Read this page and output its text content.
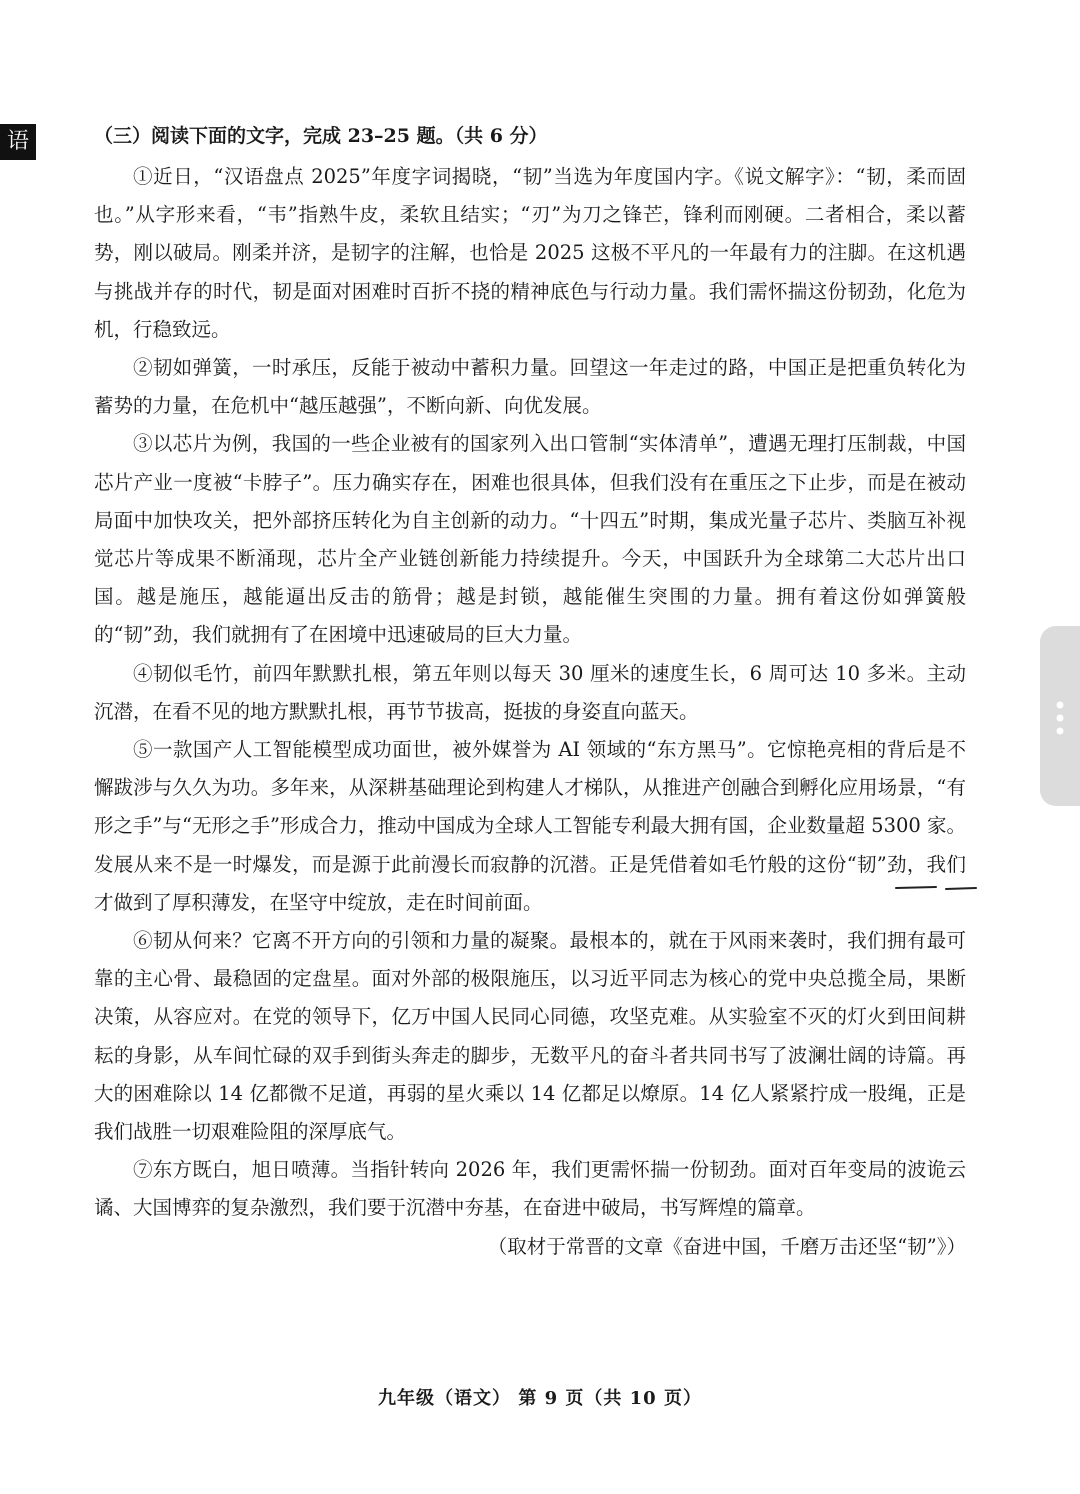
语	（三）阅读下面的文字，完成 23–25 题。（共 6 分）

①近日，“汉语盘点 2025”年度字词揭晓，“韧”当选为年度国内字。《说文解字》：“韧，柔而固也。”从字形来看，“韦”指熟牛皮，柔软且结实；“刃”为刀之锋芒，锋利而刚硬。二者相合，柔以蓄势，刚以破局。刚柔并济，是韧字的注解，也恰是 2025 这极不平凡的一年最有力的注脚。在这机遇与挑战并存的时代，韧是面对困难时百折不挠的精神底色与行动力量。我们需怀揣这份韧劲，化危为机，行稳致远。

②韧如弹簧，一时承压，反能于被动中蓄积力量。回望这一年走过的路，中国正是把重负转化为蓄势的力量，在危机中“越压越强”，不断向新、向优发展。

③以芯片为例，我国的一些企业被有的国家列入出口管制“实体清单”，遭遇无理打压制裁，中国芯片产业一度被“卡脖子”。压力确实存在，困难也很具体，但我们没有在重压之下止步，而是在被动局面中加快攻关，把外部挤压转化为自主创新的动力。“十四五”时期，集成光量子芯片、类脑互补视觉芯片等成果不断涌现，芯片全产业链创新能力持续提升。今天，中国跃升为全球第二大芯片出口国。越是施压，越能逼出反击的筋骨；越是封锁，越能催生突围的力量。拥有着这份如弹簧般的“韧”劲，我们就拥有了在困境中迅速破局的巨大力量。

④韧似毛竹，前四年默默扎根，第五年则以每天 30 厘米的速度生长，6 周可达 10 多米。主动沉潜，在看不见的地方默默扎根，再节节拔高，挺拔的身姿直向蓝天。

⑤一款国产人工智能模型成功面世，被外媒誉为 AI 领域的“东方黑马”。它惊艳亮相的背后是不懈跋涉与久久为功。多年来，从深耕基础理论到构建人才梯队，从推进产创融合到孵化应用场景，“有形之手”与“无形之手”形成合力，推动中国成为全球人工智能专利最大拥有国，企业数量超 5300 家。发展从来不是一时爆发，而是源于此前漫长而寂静的沉潜。正是凭借着如毛竹般的这份“韧”劲，我们才做到了厚积薄发，在坚守中绽放，走在时间前面。

⑥韧从何来？它离不开方向的引领和力量的凝聚。最根本的，就在于风雨来袭时，我们拥有最可靠的主心骨、最稳固的定盘星。面对外部的极限施压，以习近平同志为核心的党中央总揽全局，果断决策，从容应对。在党的领导下，亿万中国人民同心同德，攻坚克难。从实验室不灭的灯火到田间耕耘的身影，从车间忙碌的双手到街头奔走的脚步，无数平凡的奋斗者共同书写了波澜壮阔的诗篇。再大的困难除以 14 亿都微不足道，再弱的星火乘以 14 亿都足以燎原。14 亿人紧紧拧成一股绳，正是我们战胜一切艰难险阻的深厚底气。

⑦东方既白，旭日喷薄。当指针转向 2026 年，我们更需怀揣一份韧劲。面对百年变局的波诡云谲、大国博弈的复杂激烈，我们要于沉潜中夯基，在奋进中破局，书写辉煌的篇章。

（取材于常晋的文章《奋进中国，千磨万击还坚“韧”》）

九年级（语文） 第 9 页（共 10 页）
